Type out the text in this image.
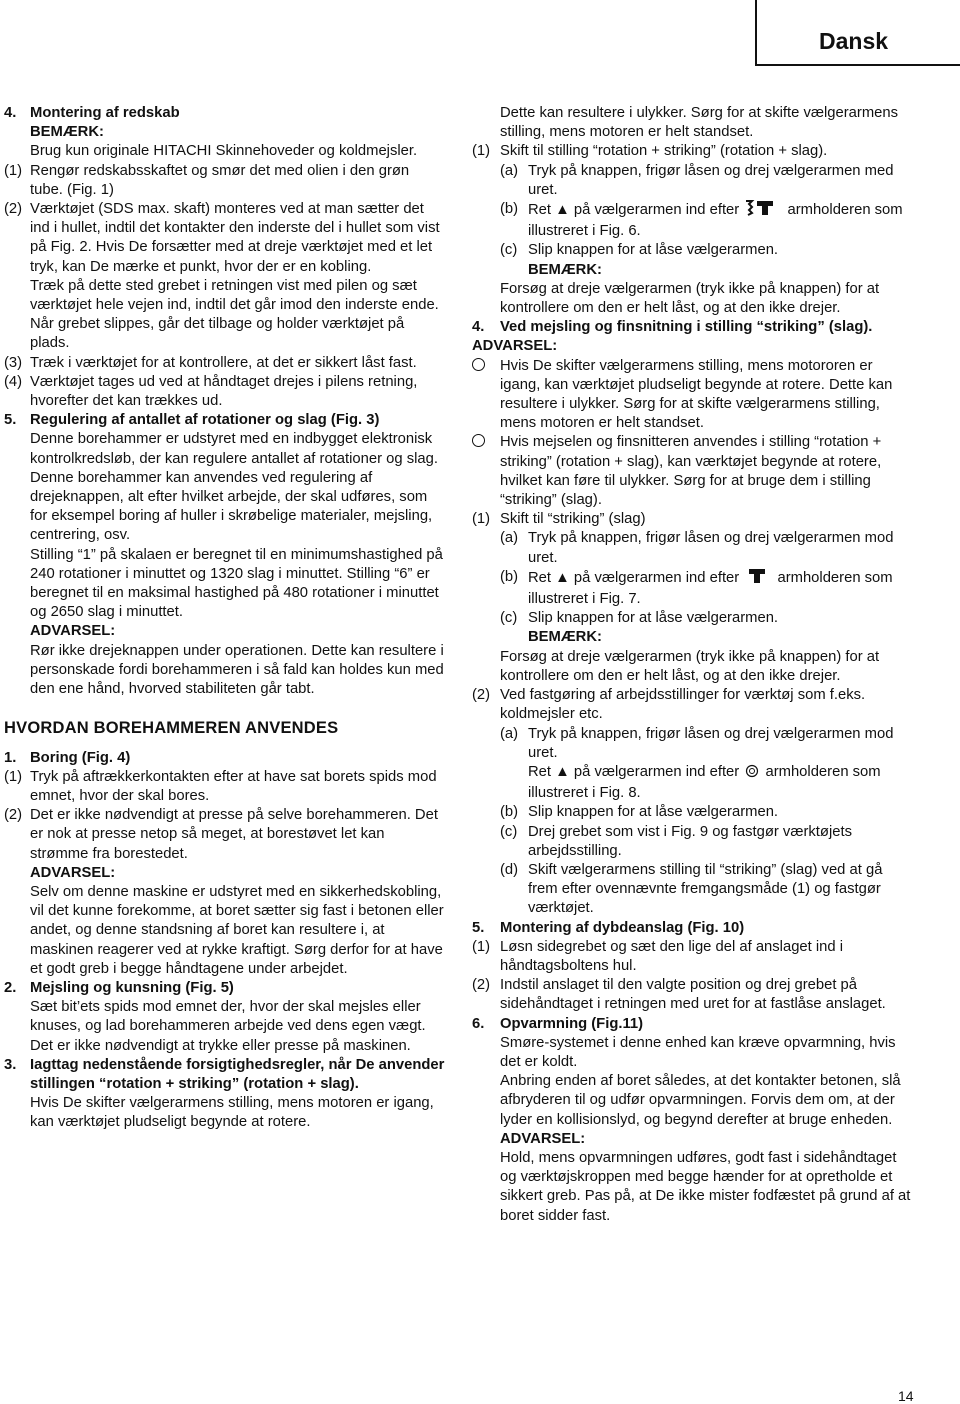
Dansk
4. Montering af redskab
BEMÆRK:
Brug kun originale HITACHI Skinnehoveder og koldmejsler.
(1) Rengør redskabsskaftet og smør det med olien i den grøn tube. (Fig. 1)
(2) Værktøjet (SDS max. skaft) monteres ved at man sætter det ind i hullet, indtil det kontakter den inderste del i hullet som vist på Fig. 2. Hvis De forsætter med at dreje værktøjet med et let tryk, kan De mærke et punkt, hvor der er en kobling.
Træk på dette sted grebet i retningen vist med pilen og sæt værktøjet hele vejen ind, indtil det går imod den inderste ende.
Når grebet slippes, går det tilbage og holder værktøjet på plads.
(3) Træk i værktøjet for at kontrollere, at det er sikkert låst fast.
(4) Værktøjet tages ud ved at håndtaget drejes i pilens retning, hvorefter det kan trækkes ud.
5. Regulering af antallet af rotationer og slag (Fig. 3)
Denne borehammer er udstyret med en indbygget elektronisk kontrolkredsløb, der kan regulere antallet af rotationer og slag. Denne borehammer kan anvendes ved regulering af drejeknappen, alt efter hvilket arbejde, der skal udføres, som for eksempel boring af huller i skrøbelige materialer, mejsling, centrering, osv.
Stilling “1” på skalaen er beregnet til en minimumshastighed på 240 rotationer i minuttet og 1320 slag i minuttet. Stilling “6” er beregnet til en maksimal hastighed på 480 rotationer i minuttet og 2650 slag i minuttet.
ADVARSEL:
Rør ikke drejeknappen under operationen. Dette kan resultere i personskade fordi borehammeren i så fald kan holdes kun med den ene hånd, hvorved stabiliteten går tabt.
HVORDAN BOREHAMMEREN ANVENDES
1. Boring (Fig. 4)
(1) Tryk på aftrækkerkontakten efter at have sat borets spids mod emnet, hvor der skal bores.
(2) Det er ikke nødvendigt at presse på selve borehammeren. Det er nok at presse netop så meget, at borestøvet let kan strømme fra borestedet.
ADVARSEL:
Selv om denne maskine er udstyret med en sikkerhedskobling, vil det kunne forekomme, at boret sætter sig fast i betonen eller andet, og denne standsning af boret kan resultere i, at maskinen reagerer ved at rykke kraftigt. Sørg derfor for at have et godt greb i begge håndtagene under arbejdet.
2. Mejsling og kunsning (Fig. 5)
Sæt bit’ets spids mod emnet der, hvor der skal mejsles eller knuses, og lad borehammeren arbejde ved dens egen vægt.
Det er ikke nødvendigt at trykke eller presse på maskinen.
3. Iagttag nedenstående forsigtighedsregler, når De anvender stillingen “rotation + striking” (rotation + slag).
Hvis De skifter vælgerarmens stilling, mens motoren er igang, kan værktøjet pludseligt begynde at rotere.
Dette kan resultere i ulykker. Sørg for at skifte vælgerarmens stilling, mens motoren er helt standset.
(1) Skift til stilling “rotation + striking” (rotation + slag).
(a) Tryk på knappen, frigør låsen og drej vælgerarmen med uret.
(b) Ret ▲ på vælgerarmen ind efter	armholderen som illustreret i Fig. 6.
(c) Slip knappen for at låse vælgerarmen.
BEMÆRK:
Forsøg at dreje vælgerarmen (tryk ikke på knappen) for at kontrollere om den er helt låst, og at den ikke drejer.
4.	Ved mejsling og finsnitning i stilling “striking” (slag).
ADVARSEL:
Hvis De skifter vælgerarmens stilling, mens motororen er igang, kan værktøjet pludseligt begynde at rotere. Dette kan resultere i ulykker. Sørg for at skifte vælgerarmens stilling, mens motoren er helt standset.
Hvis mejselen og finsnitteren anvendes i stilling “rotation + striking” (rotation + slag), kan værktøjet begynde at rotere, hvilket kan føre til ulykker. Sørg for at bruge dem i stilling “striking” (slag).
(1) Skift til “striking” (slag)
(a) Tryk på knappen, frigør låsen og drej vælgerarmen mod uret.
(b) Ret ▲ på vælgerarmen ind efter	armholderen som illustreret i Fig. 7.
(c) Slip knappen for at låse vælgerarmen.
BEMÆRK:
Forsøg at dreje vælgerarmen (tryk ikke på knappen) for at kontrollere om den er helt låst, og at den ikke drejer.
(2) Ved fastgøring af arbejdsstillinger for værktøj som f.eks. koldmejsler etc.
(a) Tryk på knappen, frigør låsen og drej vælgerarmen mod uret.
Ret ▲ på vælgerarmen ind efter armholderen som illustreret i Fig. 8.
(b) Slip knappen for at låse vælgerarmen.
(c) Drej grebet som vist i Fig. 9 og fastgør værktøjets arbejdsstilling.
(d) Skift vælgerarmens stilling til “striking” (slag) ved at gå frem efter ovennævnte fremgangsmåde (1) og fastgør værktøjet.
5.	Montering af dybdeanslag (Fig. 10)
(1) Løsn sidegrebet og sæt den lige del af anslaget ind i håndtagsboltens hul.
(2) Indstil anslaget til den valgte position og drej grebet på sidehåndtaget i retningen med uret for at fastlåse anslaget.
6.	Opvarmning (Fig.11)
Smøre-systemet i denne enhed kan kræve opvarmning, hvis det er koldt.
Anbring enden af boret således, at det kontakter betonen, slå afbryderen til og udfør opvarmningen. Forvis dem om, at der lyder en kollisionslyd, og begynd derefter at bruge enheden.
ADVARSEL:
Hold, mens opvarmningen udføres, godt fast i sidehåndtaget og værktøjskroppen med begge hænder for at opretholde et sikkert greb. Pas på, at De ikke mister fodfæstet på grund af at boret sidder fast.
14
